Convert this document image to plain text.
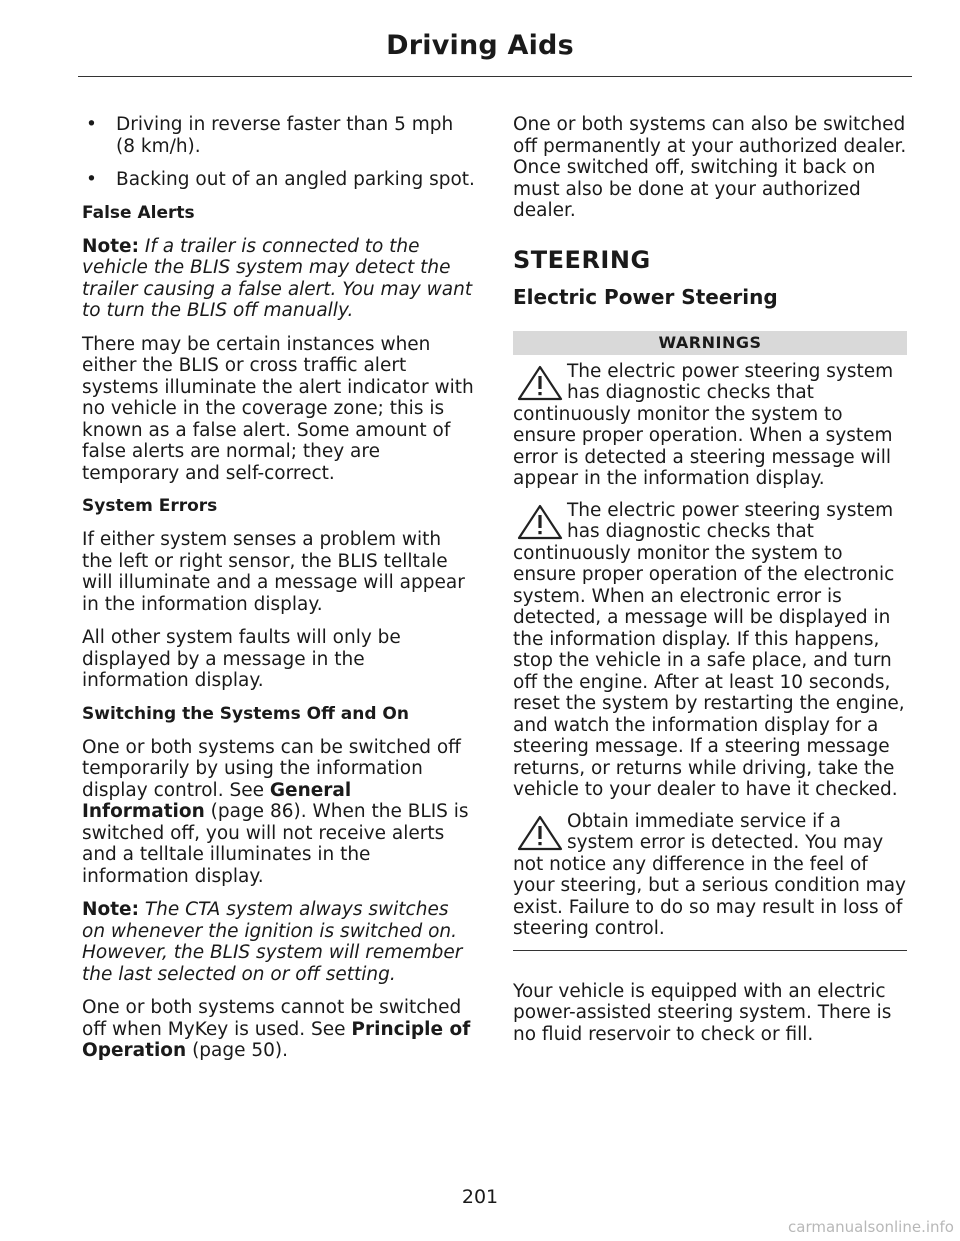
Driving Aids
•	Driving in reverse faster than 5 mph (8 km/h).
•	Backing out of an angled parking spot.
False Alerts

Note: If a trailer is connected to the vehicle the BLIS system may detect the trailer causing a false alert. You may want to turn the BLIS off manually.

There may be certain instances when either the BLIS or cross traffic alert systems illuminate the alert indicator with no vehicle in the coverage zone; this is known as a false alert. Some amount of false alerts are normal; they are temporary and self-correct.

System Errors

If either system senses a problem with the left or right sensor, the BLIS telltale will illuminate and a message will appear in the information display.

All other system faults will only be displayed by a message in the information display.

Switching the Systems Off and On

One or both systems can be switched off temporarily by using the information display control. See General Information (page 86). When the BLIS is switched off, you will not receive alerts and a telltale illuminates in the information display.

Note: The CTA system always switches on whenever the ignition is switched on. However, the BLIS system will remember the last selected on or off setting.

One or both systems cannot be switched off when MyKey is used. See Principle of Operation (page 50).

One or both systems can also be switched off permanently at your authorized dealer. Once switched off, switching it back on must also be done at your authorized dealer.

STEERING
Electric Power Steering
WARNINGS
The electric power steering system has diagnostic checks that continuously monitor the system to ensure proper operation. When a system error is detected a steering message will appear in the information display.
The electric power steering system has diagnostic checks that continuously monitor the system to ensure proper operation of the electronic system. When an electronic error is detected, a message will be displayed in the information display. If this happens, stop the vehicle in a safe place, and turn off the engine. After at least 10 seconds, reset the system by restarting the engine, and watch the information display for a steering message. If a steering message returns, or returns while driving, take the vehicle to your dealer to have it checked.
Obtain immediate service if a system error is detected. You may not notice any difference in the feel of your steering, but a serious condition may exist. Failure to do so may result in loss of steering control.

Your vehicle is equipped with an electric power-assisted steering system. There is no fluid reservoir to check or fill.

201
carmanualsonline.info
